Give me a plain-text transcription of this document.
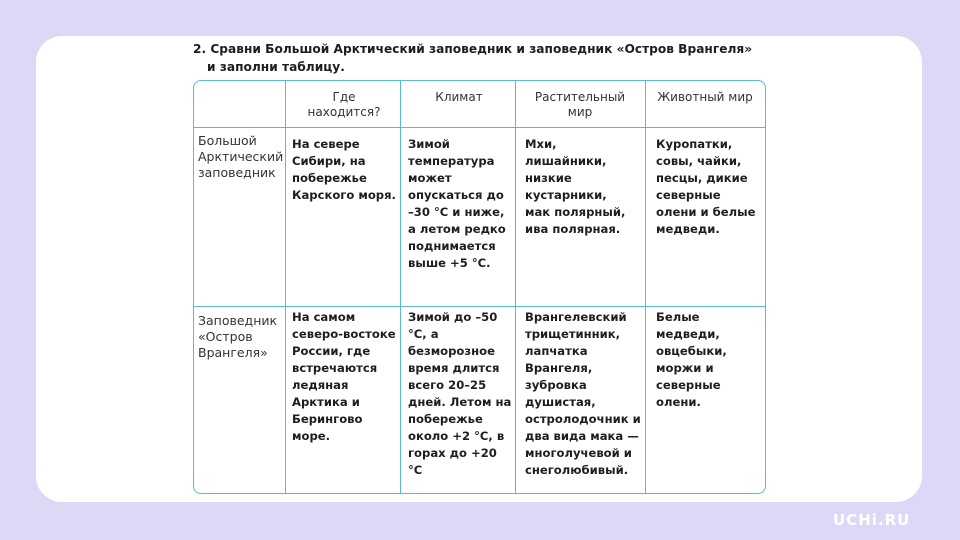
2. Сравни Большой Арктический заповедник и заповедник «Остров Врангеля»
и заполни таблицу.
Где находится?
Климат	Растительный мир
Животный мир
Большой Арктический заповедник
На севере Сибири, на побережье Карского моря.
Зимой температура может опускаться до –30 °С и ниже, а летом редко поднимается выше +5 °С.
Мхи, лишайники, низкие кустарники, мак полярный, ива полярная.
Куропатки, совы, чайки, песцы, дикие северные олени и белые медведи.
Заповедник «Остров Врангеля»
На самом северо-востоке России, где встречаются ледяная Арктика и Берингово море.
Зимой до –50 °С, а безморозное время длится всего 20–25 дней. Летом на побережье около +2 °С, в горах до +20 °С
Врангелевский трищетинник, лапчатка Врангеля, зубровка душистая, остролодочник и два вида мака — многолучевой и снеголюбивый.
Белые медведи, овцебыки, моржи и северные олени.
UCHi.RU
